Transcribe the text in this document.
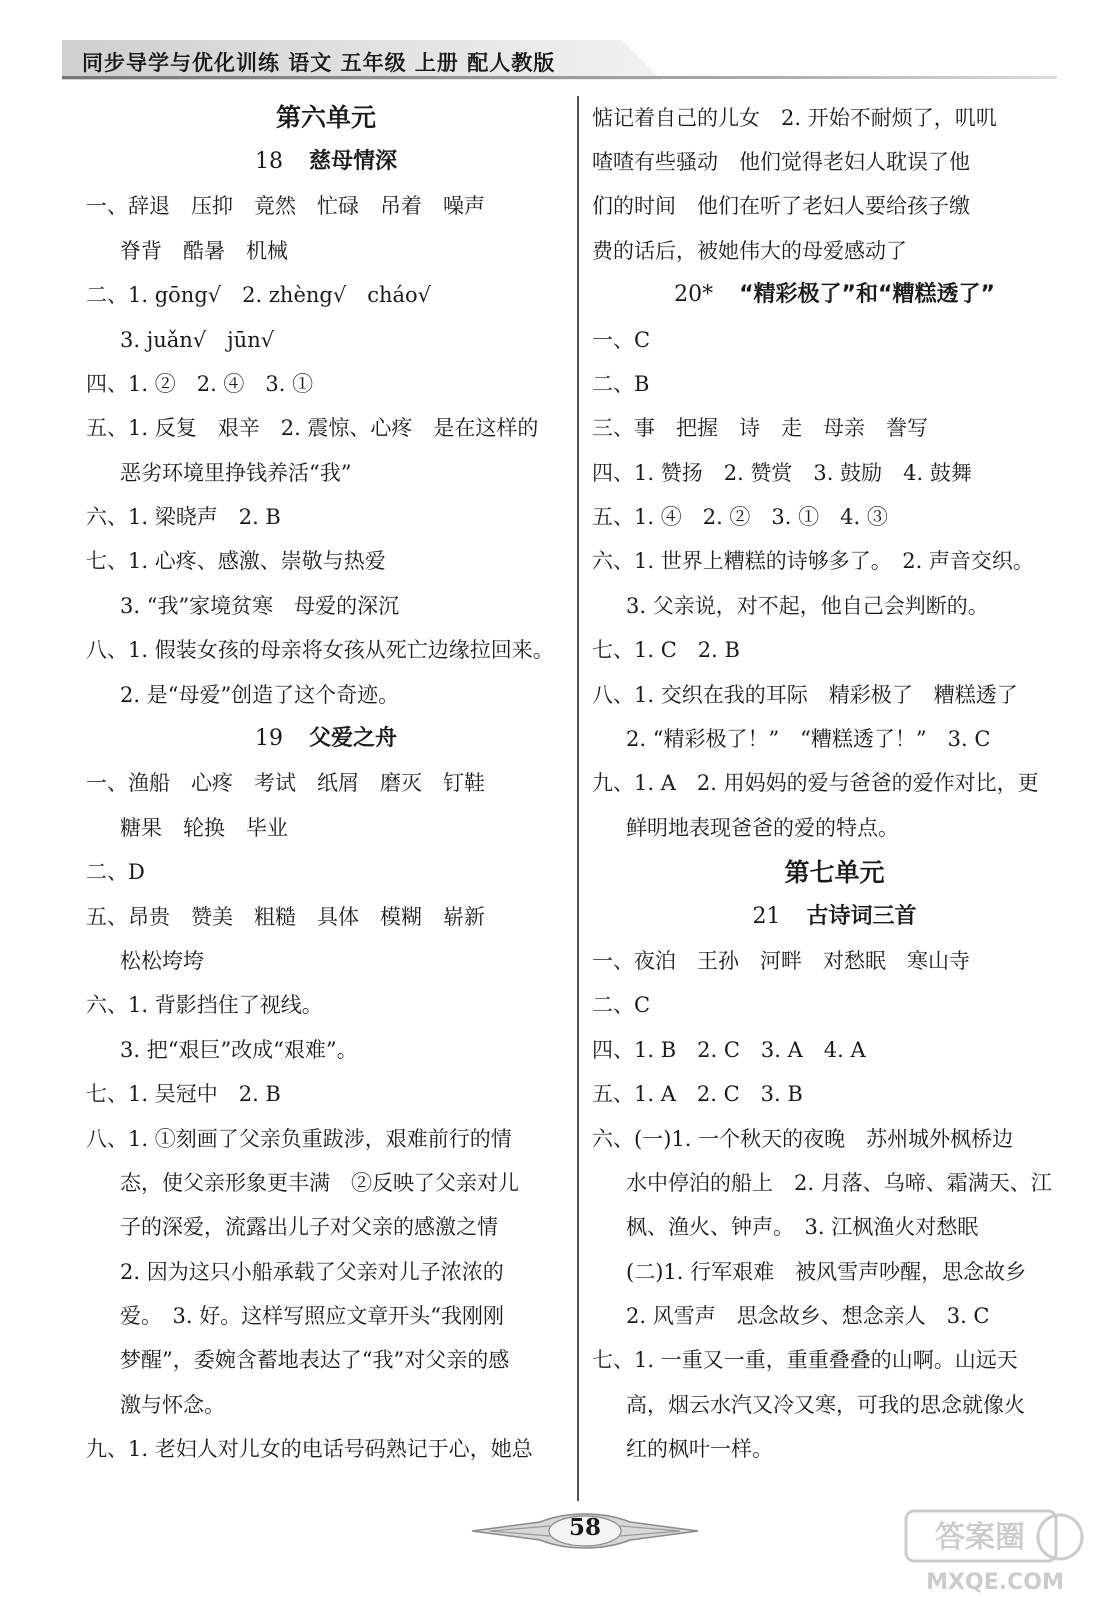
同步导学与优化训练 语文 五年级 上册 配人教版
第六单元
18 慈母情深
一、辞退　压抑　竟然　忙碌　吊着　噪声
脊背　酷暑　机械
二、1. gōng√　2. zhèng√　cháo√
3. juǎn√　jūn√
四、1. ②　2. ④　3. ①
五、1. 反复　艰辛　2. 震惊、心疼　是在这样的
恶劣环境里挣钱养活“我”
六、1. 梁晓声　2. B
七、1. 心疼、感激、崇敬与热爱
3. “我”家境贫寒　母爱的深沉
八、1. 假装女孩的母亲将女孩从死亡边缘拉回来。
2. 是“母爱”创造了这个奇迹。
19 父爱之舟
一、渔船　心疼　考试　纸屑　磨灭　钉鞋
糖果　轮换　毕业
二、D
五、昂贵　赞美　粗糙　具体　模糊　崭新
松松垮垮
六、1. 背影挡住了视线。
3. 把“艰巨”改成“艰难”。
七、1. 吴冠中　2. B
八、1. ①刻画了父亲负重跋涉，艰难前行的情
态，使父亲形象更丰满　②反映了父亲对儿
子的深爱，流露出儿子对父亲的感激之情
2. 因为这只小船承载了父亲对儿子浓浓的
爱。　3. 好。这样写照应文章开头“我刚刚
梦醒”，委婉含蓄地表达了“我”对父亲的感
激与怀念。
九、1. 老妇人对儿女的电话号码熟记于心，她总
惦记着自己的儿女　2. 开始不耐烦了，叽叽
喳喳有些骚动　他们觉得老妇人耽误了他
们的时间　他们在听了老妇人要给孩子缴
费的话后，被她伟大的母爱感动了
20* “精彩极了”和“糟糕透了”
一、C
二、B
三、事　把握　诗　走　母亲　誊写
四、1. 赞扬　2. 赞赏　3. 鼓励　4. 鼓舞
五、1. ④　2. ②　3. ①　4. ③
六、1. 世界上糟糕的诗够多了。　2. 声音交织。
3. 父亲说，对不起，他自己会判断的。
七、1. C　2. B
八、1. 交织在我的耳际　精彩极了　糟糕透了
2. “精彩极了！”　“糟糕透了！”　3. C
九、1. A　2. 用妈妈的爱与爸爸的爱作对比，更
鲜明地表现爸爸的爱的特点。
第七单元
21 古诗词三首
一、夜泊　王孙　河畔　对愁眠　寒山寺
二、C
四、1. B　2. C　3. A　4. A
五、1. A　2. C　3. B
六、(一)1. 一个秋天的夜晚　苏州城外枫桥边
水中停泊的船上　2. 月落、乌啼、霜满天、江
枫、渔火、钟声。　3. 江枫渔火对愁眠
(二)1. 行军艰难　被风雪声吵醒，思念故乡
2. 风雪声　思念故乡、想念亲人　3. C
七、1. 一重又一重，重重叠叠的山啊。山远天
高，烟云水汽又冷又寒，可我的思念就像火
红的枫叶一样。
58	答案圈
MXQE.COM
